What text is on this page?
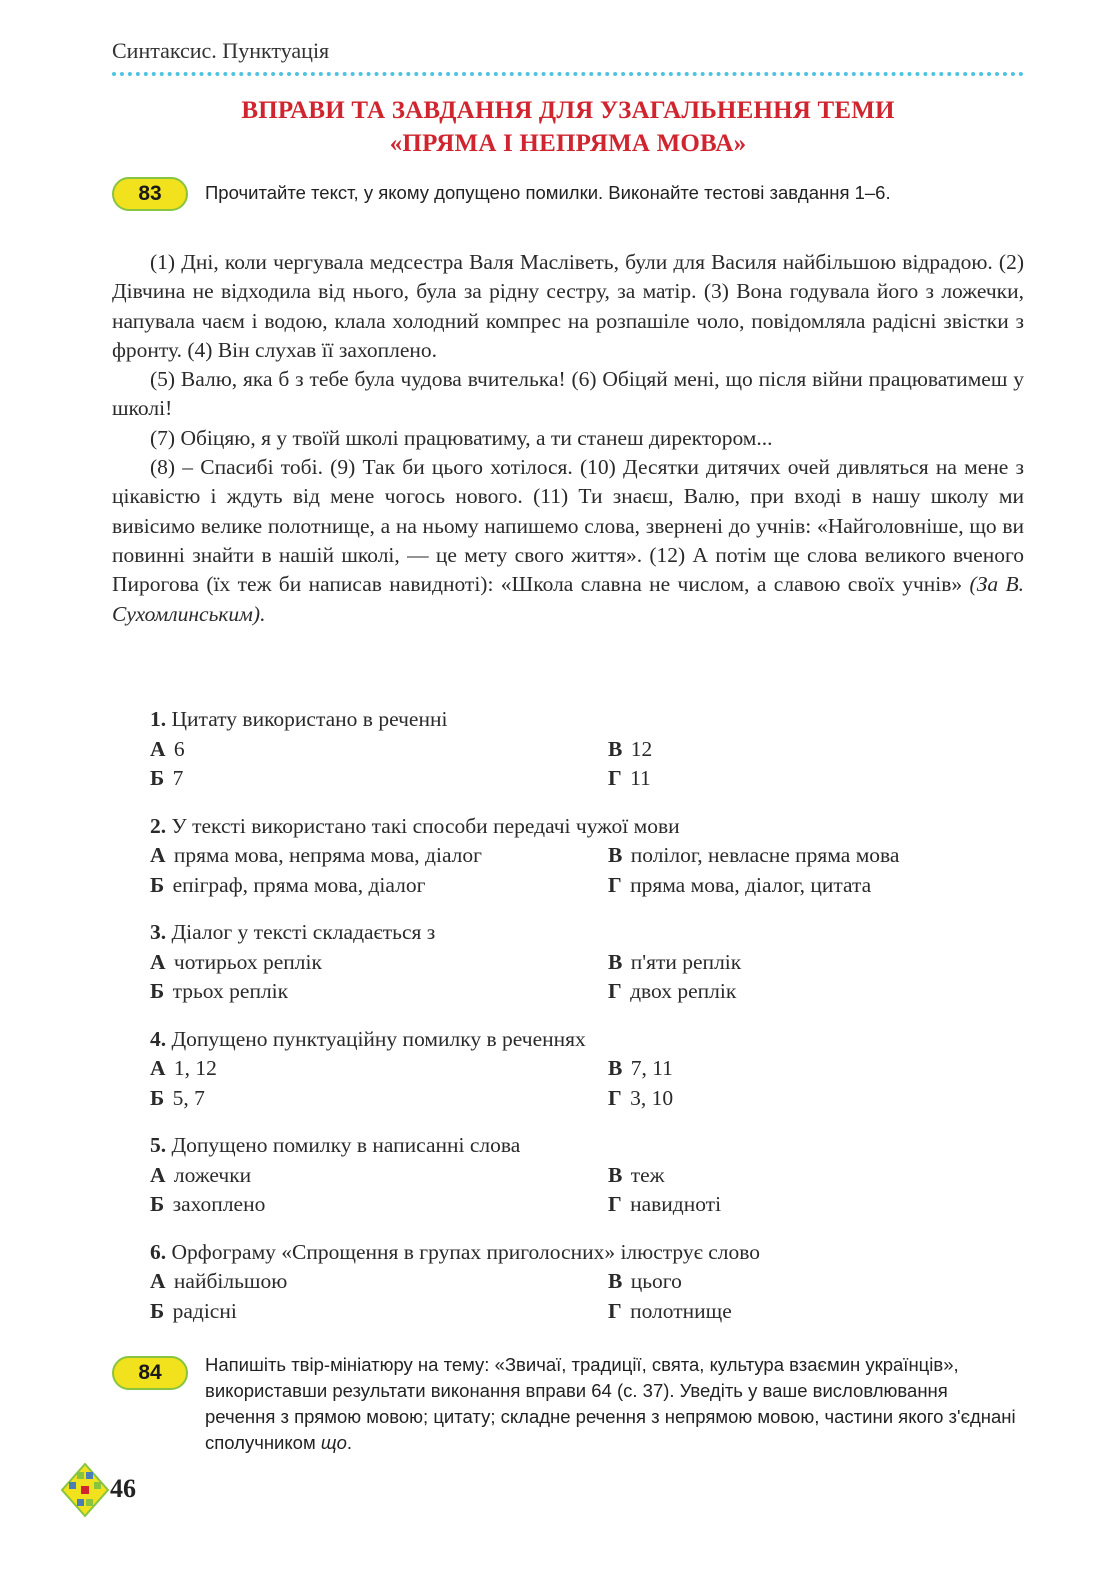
Синтаксис. Пунктуація
ВПРАВИ ТА ЗАВДАННЯ ДЛЯ УЗАГАЛЬНЕННЯ ТЕМИ
«ПРЯМА І НЕПРЯМА МОВА»
83	Прочитайте текст, у якому допущено помилки. Виконайте тестові завдання 1–6.

(1) Дні, коли чергувала медсестра Валя Масліветь, були для Василя найбільшою відрадою. (2) Дівчина не відходила від нього, була за рідну сестру, за матір. (3) Вона годувала його з ложечки, напувала чаєм і водою, клала холодний компрес на розпашіле чоло, повідомляла радісні звістки з фронту. (4) Він слухав її захоплено.

(5) Валю, яка б з тебе була чудова вчителька! (6) Обіцяй мені, що після війни працюватимеш у школі!

(7) Обіцяю, я у твоїй школі працюватиму, а ти станеш директором...

(8) – Спасибі тобі. (9) Так би цього хотілося. (10) Десятки дитячих очей дивляться на мене з цікавістю і ждуть від мене чогось нового. (11) Ти знаєш, Валю, при вході в нашу школу ми вивісимо велике полотнище, а на ньому напишемо слова, звернені до учнів: «Найголовніше, що ви повинні знайти в нашій школі, — це мету свого життя». (12) А потім ще слова великого вченого Пирогова (їх теж би написав навидноті): «Школа славна не числом, а славою своїх учнів» (За В. Сухомлинським).

1. Цитату використано в реченні
А 6	В 12
Б 7	Г 11
2. У тексті використано такі способи передачі чужої мови
А пряма мова, непряма мова, діалог	В полілог, невласне пряма мова
Б епіграф, пряма мова, діалог	Г пряма мова, діалог, цитата
3. Діалог у тексті складається з
А чотирьох реплік	В п'яти реплік
Б трьох реплік	Г двох реплік
4. Допущено пунктуаційну помилку в реченнях
А 1, 12	В 7, 11
Б 5, 7	Г 3, 10
5. Допущено помилку в написанні слова
А ложечки	В теж
Б захоплено	Г навидноті
6. Орфограму «Спрощення в групах приголосних» ілюструє слово
А найбільшою	В цього
Б радісні	Г полотнище
84	Напишіть твір-мініатюру на тему: «Звичаї, традиції, свята, культура взаємин українців», використавши результати виконання вправи 64 (с. 37). Уведіть у ваше висловлювання речення з прямою мовою; цитату; складне речення з непрямою мовою, частини якого з'єднані сполучником що.
46
